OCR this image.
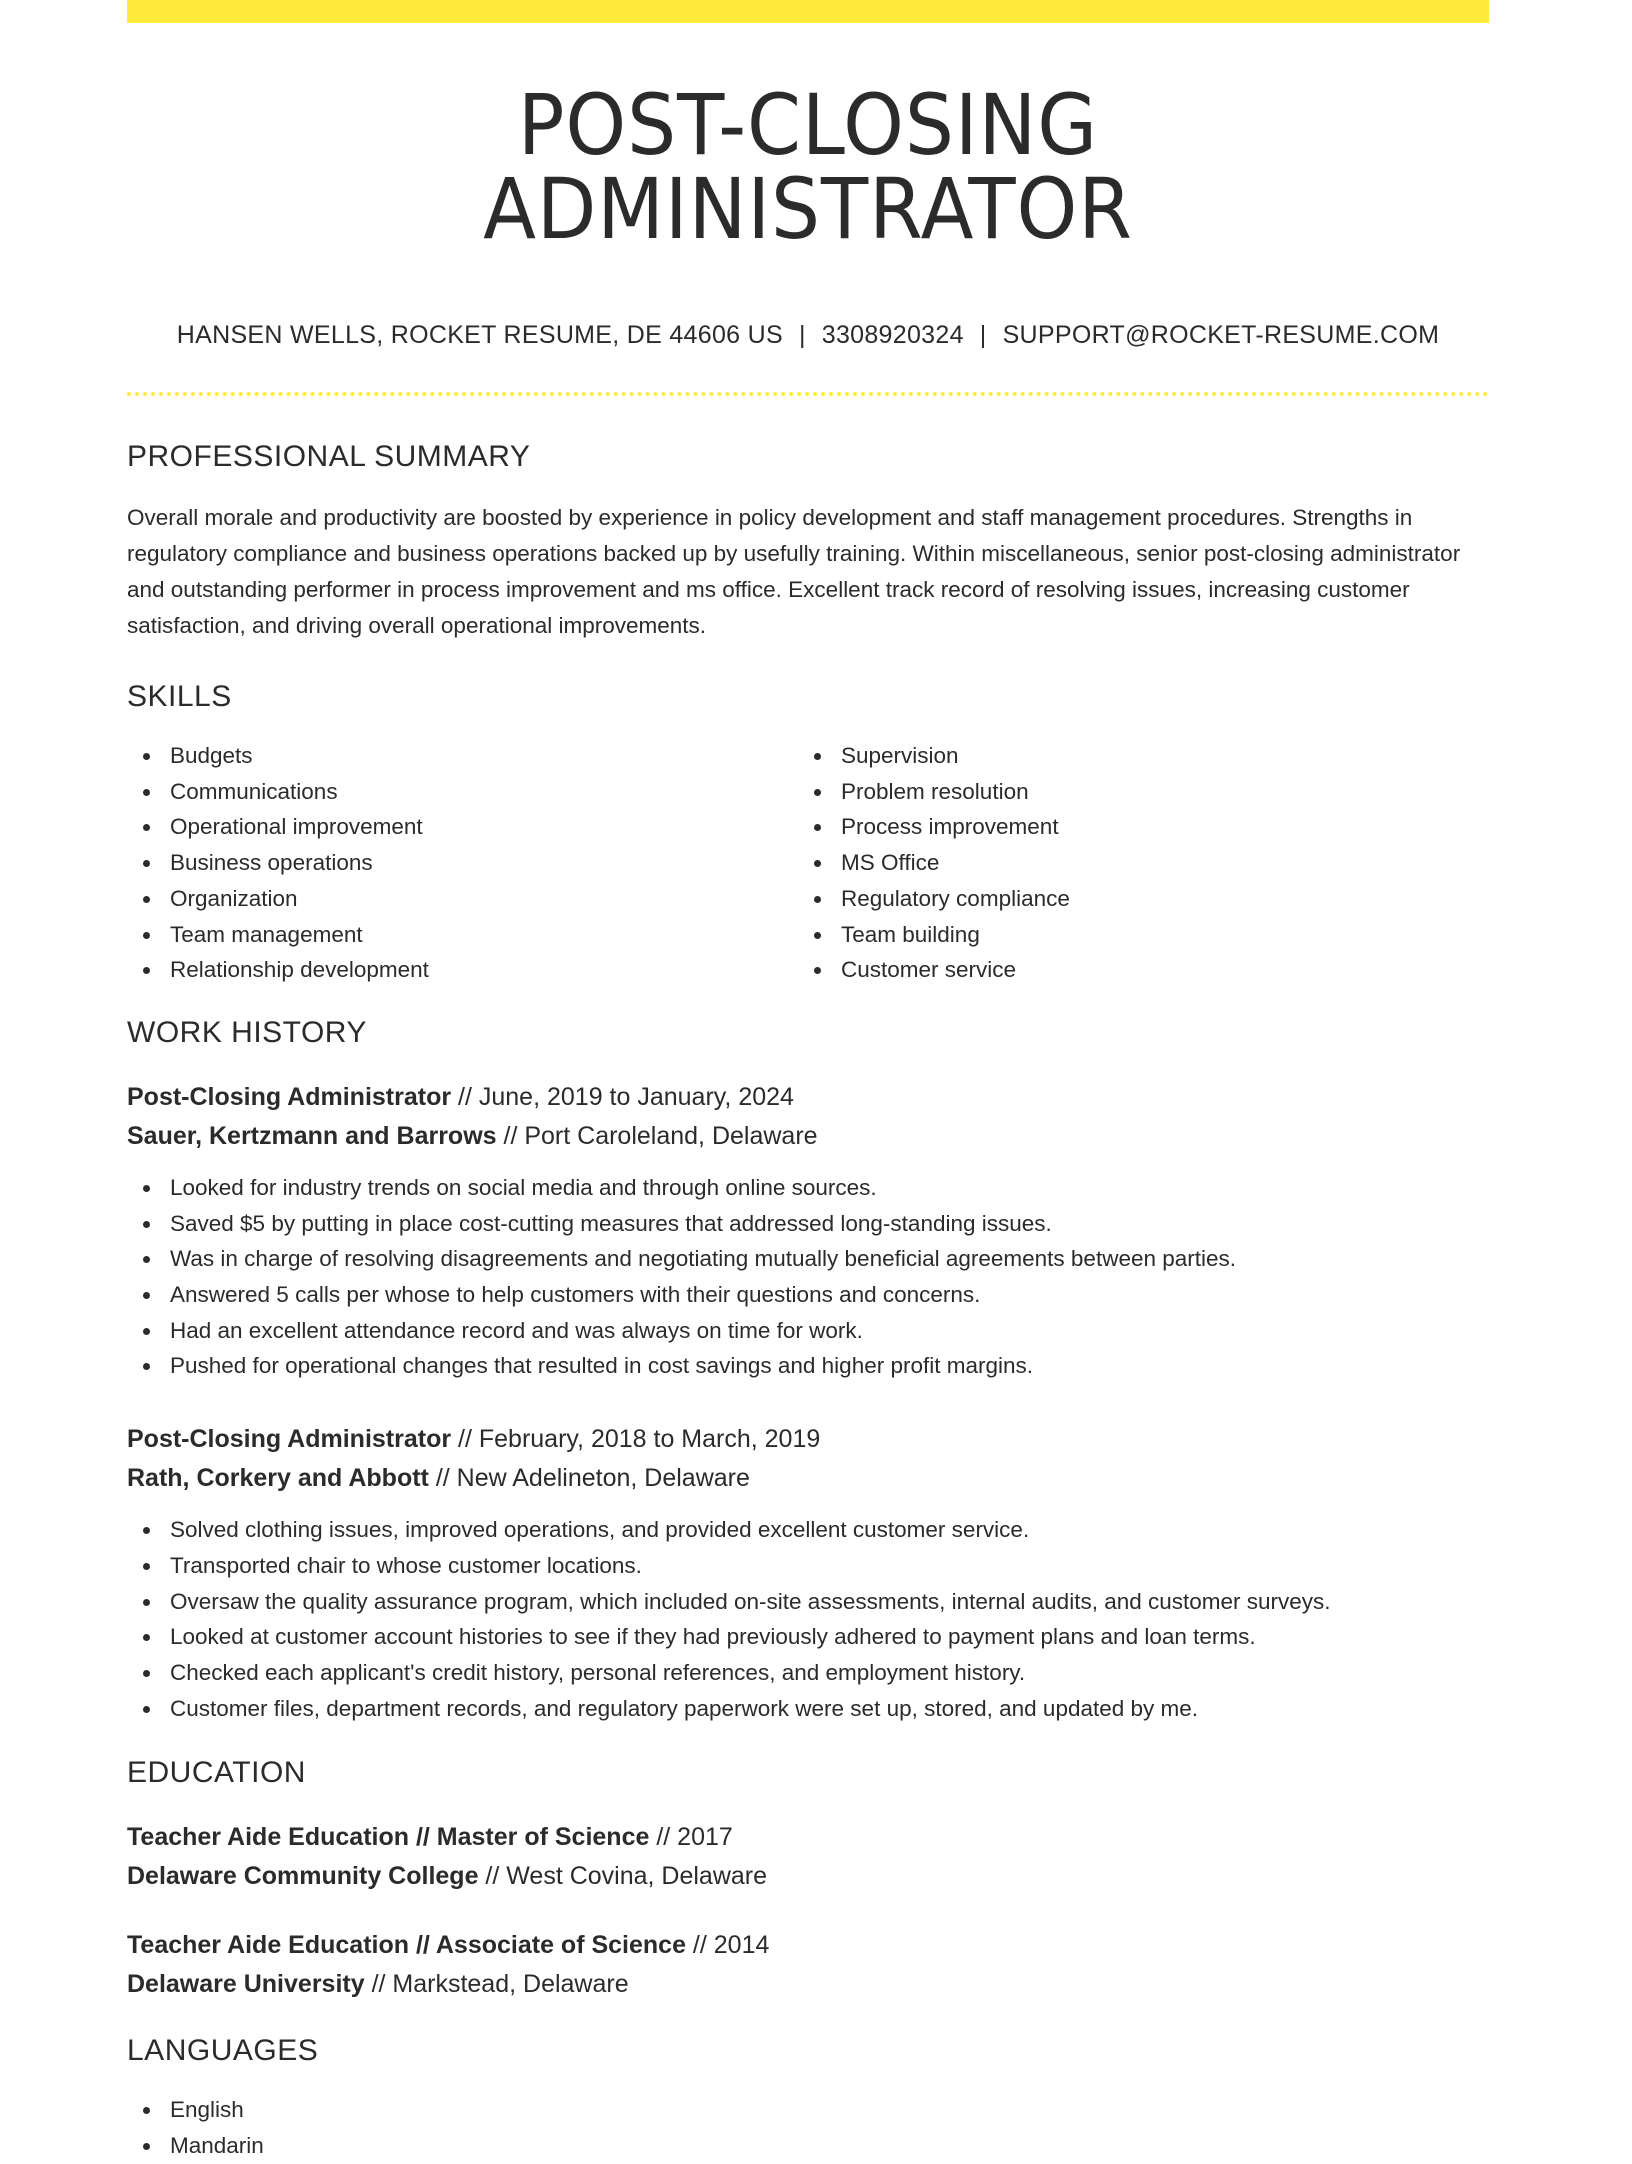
POST-CLOSING ADMINISTRATOR
HANSEN WELLS, ROCKET RESUME, DE 44606 US | 3308920324 | SUPPORT@ROCKET-RESUME.COM
PROFESSIONAL SUMMARY

Overall morale and productivity are boosted by experience in policy development and staff management procedures. Strengths in regulatory compliance and business operations backed up by usefully training. Within miscellaneous, senior post-closing administrator and outstanding performer in process improvement and ms office. Excellent track record of resolving issues, increasing customer satisfaction, and driving overall operational improvements.

SKILLS
Budgets
Communications
Operational improvement
Business operations
Organization
Team management
Relationship development
Supervision
Problem resolution
Process improvement
MS Office
Regulatory compliance
Team building
Customer service
WORK HISTORY
Post-Closing Administrator // June, 2019 to January, 2024
Sauer, Kertzmann and Barrows // Port Caroleland, Delaware
Looked for industry trends on social media and through online sources.
Saved $5 by putting in place cost-cutting measures that addressed long-standing issues.
Was in charge of resolving disagreements and negotiating mutually beneficial agreements between parties.
Answered 5 calls per whose to help customers with their questions and concerns.
Had an excellent attendance record and was always on time for work.
Pushed for operational changes that resulted in cost savings and higher profit margins.
Post-Closing Administrator // February, 2018 to March, 2019
Rath, Corkery and Abbott // New Adelineton, Delaware
Solved clothing issues, improved operations, and provided excellent customer service.
Transported chair to whose customer locations.
Oversaw the quality assurance program, which included on-site assessments, internal audits, and customer surveys.
Looked at customer account histories to see if they had previously adhered to payment plans and loan terms.
Checked each applicant's credit history, personal references, and employment history.
Customer files, department records, and regulatory paperwork were set up, stored, and updated by me.
EDUCATION
Teacher Aide Education // Master of Science // 2017
Delaware Community College // West Covina, Delaware
Teacher Aide Education // Associate of Science // 2014
Delaware University // Markstead, Delaware
LANGUAGES
English
Mandarin
